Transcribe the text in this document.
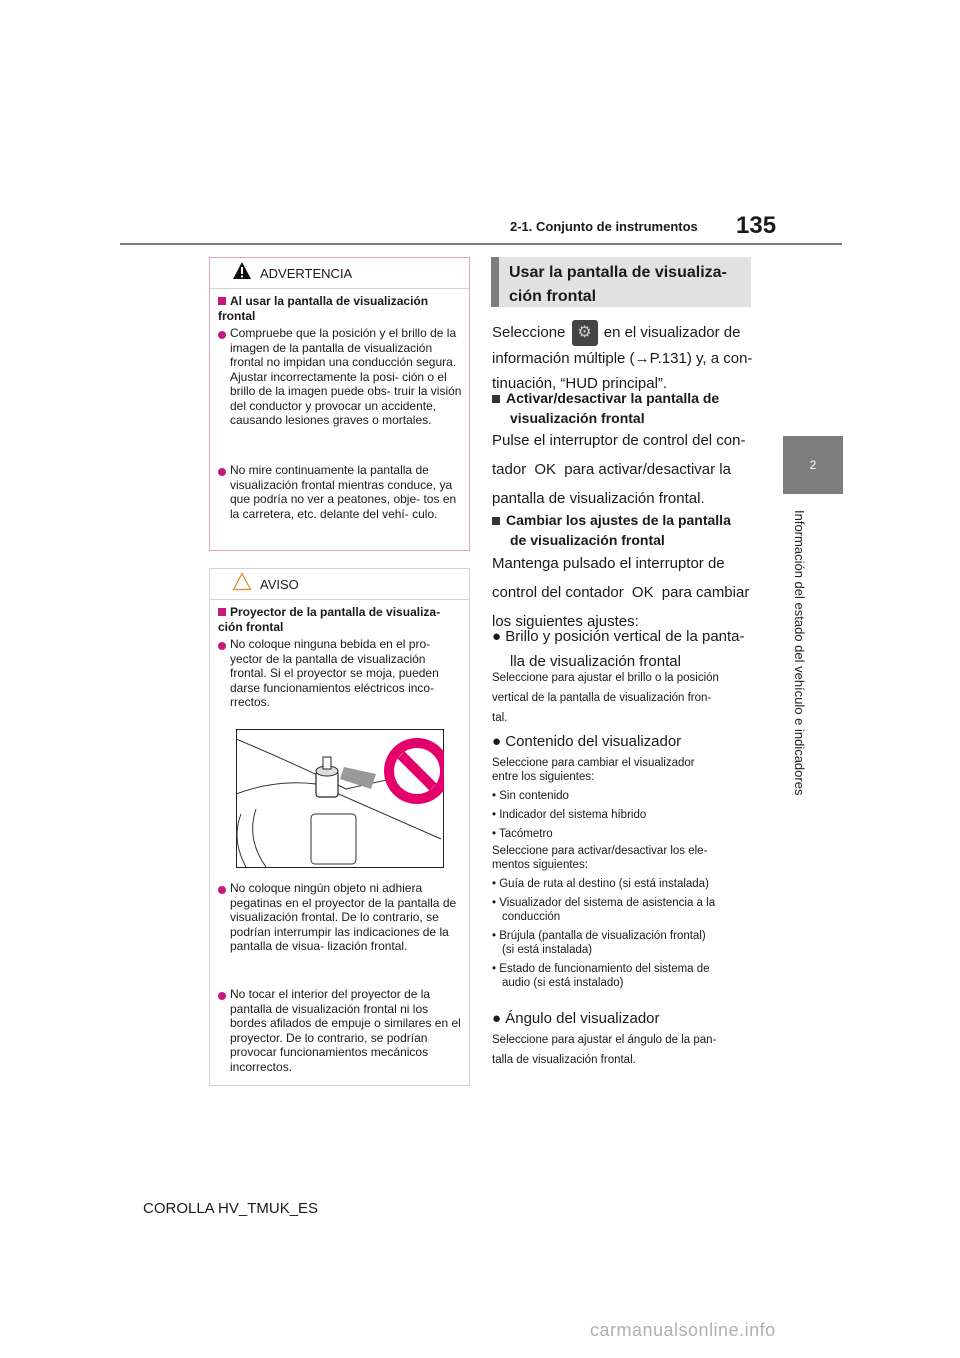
2-1. Conjunto de instrumentos 135
2
Información del estado del vehículo e indicadores
ADVERTENCIA
Al usar la pantalla de visualización frontal
Compruebe que la posición y el brillo de la imagen de la pantalla de visualización frontal no impidan una conducción segura. Ajustar incorrectamente la posi- ción o el brillo de la imagen puede obs- truir la visión del conductor y provocar un accidente, causando lesiones graves o mortales.
No mire continuamente la pantalla de visualización frontal mientras conduce, ya que podría no ver a peatones, obje- tos en la carretera, etc. delante del vehí- culo.
AVISO
Proyector de la pantalla de visualiza- ción frontal
No coloque ninguna bebida en el pro- yector de la pantalla de visualización frontal. Si el proyector se moja, pueden darse funcionamientos eléctricos inco- rrectos.
No coloque ningún objeto ni adhiera pegatinas en el proyector de la pantalla de visualización frontal. De lo contrario, se podrían interrumpir las indicaciones de la pantalla de visua- lización frontal.
No tocar el interior del proyector de la pantalla de visualización frontal ni los bordes afilados de empuje o similares en el proyector. De lo contrario, se podrían provocar funcionamientos mecánicos incorrectos.
Usar la pantalla de visualiza-
ción frontal
Seleccione ⚙ en el visualizador de
información múltiple (→P.131) y, a con-
tinuación, “HUD principal”.
Activar/desactivar la pantalla de
visualización frontal
Pulse el interruptor de control del con-
tador OK para activar/desactivar la
pantalla de visualización frontal.
Cambiar los ajustes de la pantalla
de visualización frontal
Mantenga pulsado el interruptor de
control del contador OK para cambiar
los siguientes ajustes:
● Brillo y posición vertical de la panta-
lla de visualización frontal
Seleccione para ajustar el brillo o la posición
vertical de la pantalla de visualización fron-
tal.
● Contenido del visualizador
Seleccione para cambiar el visualizador
entre los siguientes:
• Sin contenido
• Indicador del sistema híbrido
• Tacómetro
Seleccione para activar/desactivar los ele-
mentos siguientes:
• Guía de ruta al destino (si está instalada)
• Visualizador del sistema de asistencia a la
conducción
• Brújula (pantalla de visualización frontal)
(si está instalada)
• Estado de funcionamiento del sistema de
audio (si está instalado)
● Ángulo del visualizador
Seleccione para ajustar el ángulo de la pan-
talla de visualización frontal.
COROLLA HV_TMUK_ES
carmanualsonline.info
